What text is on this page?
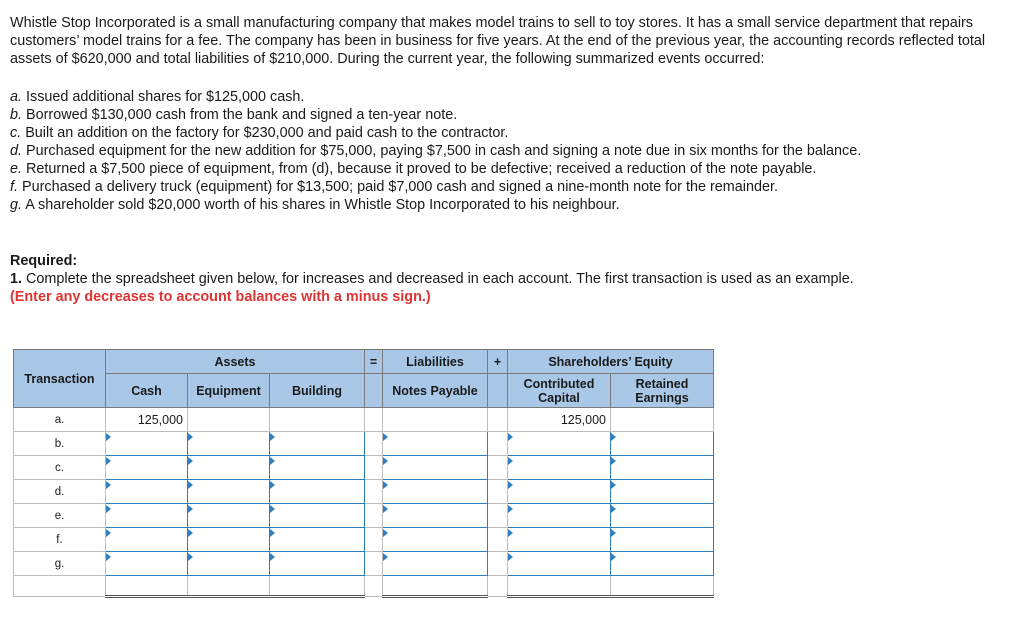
Whistle Stop Incorporated is a small manufacturing company that makes model trains to sell to toy stores. It has a small service department that repairs customers’ model trains for a fee. The company has been in business for five years. At the end of the previous year, the accounting records reflected total assets of $620,000 and total liabilities of $210,000. During the current year, the following summarized events occurred:

a. Issued additional shares for $125,000 cash.

b. Borrowed $130,000 cash from the bank and signed a ten-year note.

c. Built an addition on the factory for $230,000 and paid cash to the contractor.

d. Purchased equipment for the new addition for $75,000, paying $7,500 in cash and signing a note due in six months for the balance.

e. Returned a $7,500 piece of equipment, from (d), because it proved to be defective; received a reduction of the note payable.

f. Purchased a delivery truck (equipment) for $13,500; paid $7,000 cash and signed a nine-month note for the remainder.

g. A shareholder sold $20,000 worth of his shares in Whistle Stop Incorporated to his neighbour.

Required:

1. Complete the spreadsheet given below, for increases and decreased in each account. The first transaction is used as an example.

(Enter any decreases to account balances with a minus sign.)

Transaction	Assets			=	Liabilities	+	Shareholders’ Equity	
	Cash	Equipment	Building		Notes Payable		Contributed Capital	Retained Earnings
a.	125,000						125,000	
b.								
c.								
d.								
e.								
f.								
g.								
